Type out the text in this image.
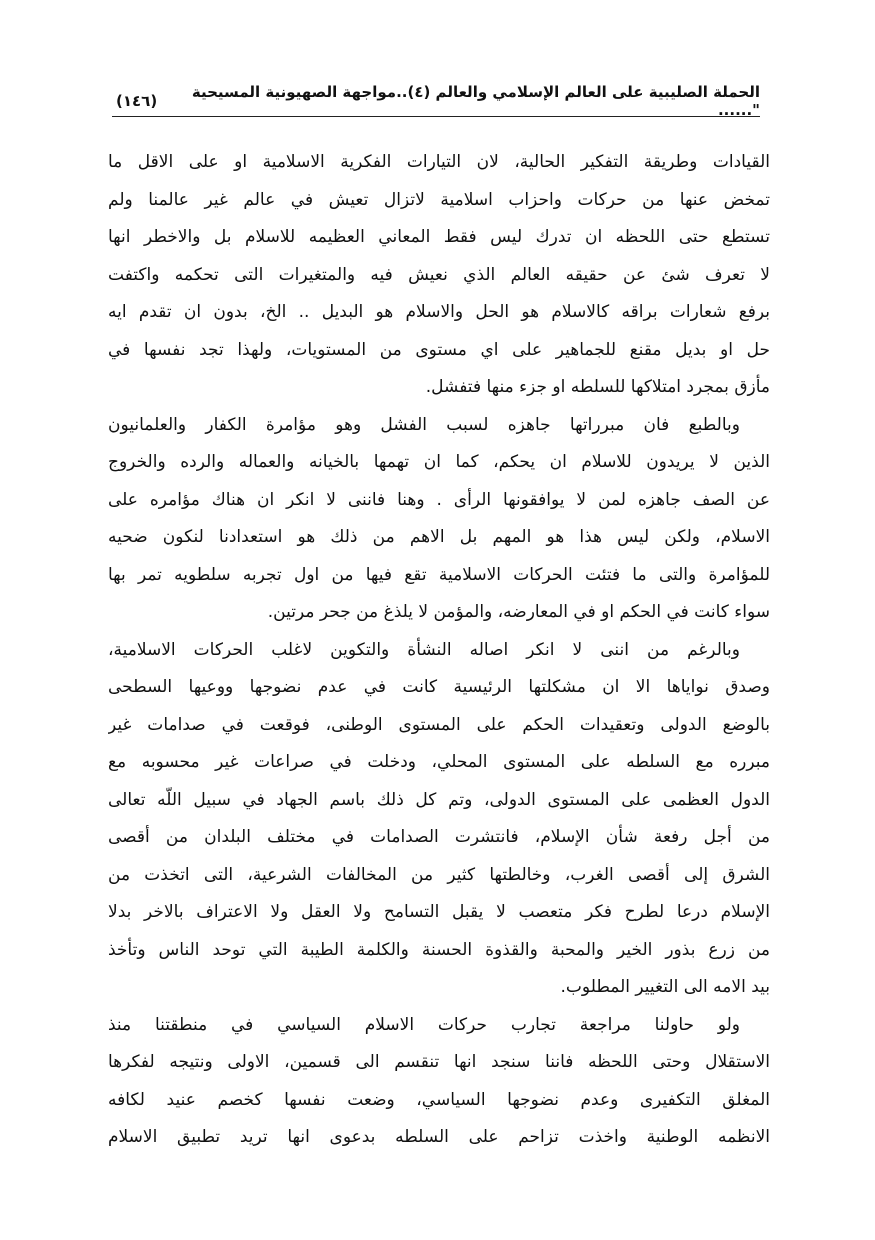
الحملة الصليبية على العالم الإسلامي والعالم (٤)..مواجهة الصهيونية المسيحية "......
(١٤٦)
القيادات وطريقة التفكير الحالية، لان التيارات الفكرية الاسلامية او على الاقل ما
تمخض عنها من حركات واحزاب اسلامية لاتزال تعيش في عالم غير عالمنا ولم
تستطع حتى اللحظه ان تدرك ليس فقط المعاني العظيمه للاسلام بل والاخطر انها
لا تعرف شئ عن حقيقه العالم الذي نعيش فيه والمتغيرات التى تحكمه واكتفت
برفع شعارات براقه كالاسلام هو الحل والاسلام هو البديل .. الخ، بدون ان تقدم ايه
حل او بديل مقنع للجماهير على اي مستوى من المستويات، ولهذا تجد نفسها في
مأزق بمجرد امتلاكها للسلطه او جزء منها فتفشل.
وبالطبع فان مبرراتها جاهزه لسبب الفشل وهو مؤامرة الكفار والعلمانيون
الذين لا يريدون للاسلام ان يحكم، كما ان تهمها بالخيانه والعماله والرده والخروج
عن الصف جاهزه لمن لا يوافقونها الرأى . وهنا فاننى لا انكر ان هناك مؤامره على
الاسلام، ولكن ليس هذا هو المهم بل الاهم من ذلك هو استعدادنا لنكون ضحيه
للمؤامرة والتى ما فتئت الحركات الاسلامية تقع فيها من اول تجربه سلطويه تمر بها
سواء كانت في الحكم او في المعارضه، والمؤمن لا يلذغ من جحر مرتين.
وبالرغم من اننى لا انكر اصاله النشأة والتكوين لاغلب الحركات الاسلامية،
وصدق نواياها الا ان مشكلتها الرئيسية كانت في عدم نضوجها ووعيها السطحى
بالوضع الدولى وتعقيدات الحكم على المستوى الوطنى، فوقعت في صدامات غير
مبرره مع السلطه على المستوى المحلي، ودخلت في صراعات غير محسوبه مع
الدول العظمى على المستوى الدولى، وتم كل ذلك باسم الجهاد في سبيل اللّه تعالى
من أجل رفعة شأن الإسلام، فانتشرت الصدامات في مختلف البلدان من أقصى
الشرق إلى أقصى الغرب، وخالطتها كثير من المخالفات الشرعية، التى اتخذت من
الإسلام درعا لطرح فكر متعصب لا يقبل التسامح ولا العقل ولا الاعتراف بالاخر بدلا
من زرع بذور الخير والمحبة والقذوة الحسنة والكلمة الطيبة التي توحد الناس وتأخذ
بيد الامه الى التغيير المطلوب.
ولو حاولنا مراجعة تجارب حركات الاسلام السياسي في منطقتنا منذ
الاستقلال وحتى اللحظه فاننا سنجد انها تنقسم الى قسمين، الاولى ونتيجه لفكرها
المغلق التكفيرى وعدم نضوجها السياسي، وضعت نفسها كخصم عنيد لكافه
الانظمه الوطنية واخذت تزاحم على السلطه بدعوى انها تريد تطبيق الاسلام
